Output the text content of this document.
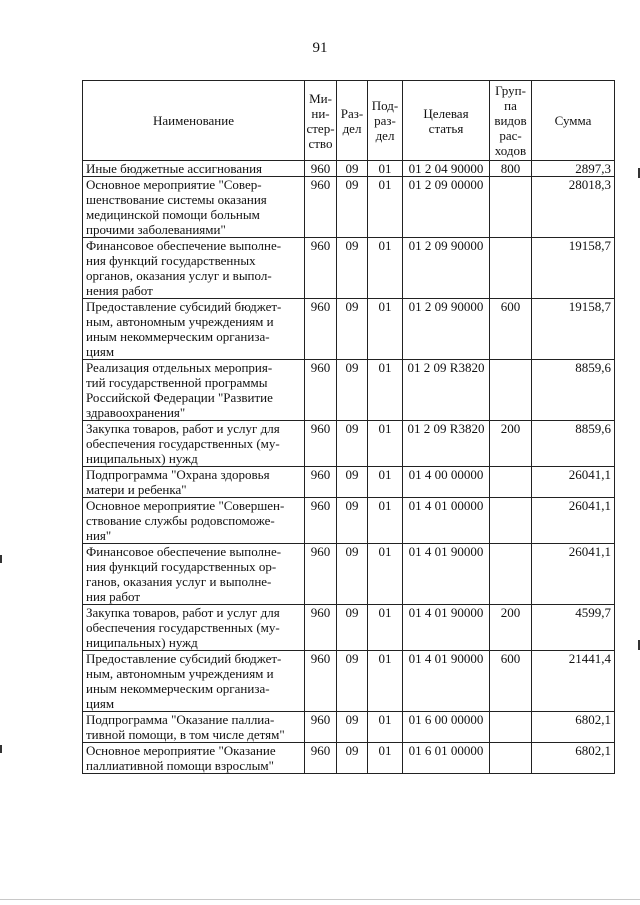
91
Наименование	Ми-
ни-
стер-
ство	Раз-
дел	Под-
раз-
дел	Целевая
статья	Груп-
па
видов
рас-
ходов	Сумма
Иные бюджетные ассигнования	960	09	01	01 2 04 90000	800	2897,3
Основное мероприятие "Совер-
шенствование системы оказания
медицинской помощи больным
прочими заболеваниями"	960	09	01	01 2 09 00000		28018,3
Финансовое обеспечение выполне-
ния функций государственных
органов, оказания услуг и выпол-
нения работ	960	09	01	01 2 09 90000		19158,7
Предоставление субсидий бюджет-
ным, автономным учреждениям и
иным некоммерческим организа-
циям	960	09	01	01 2 09 90000	600	19158,7
Реализация отдельных мероприя-
тий государственной программы
Российской Федерации "Развитие
здравоохранения"	960	09	01	01 2 09 R3820		8859,6
Закупка товаров, работ и услуг для
обеспечения государственных (му-
ниципальных) нужд	960	09	01	01 2 09 R3820	200	8859,6
Подпрограмма "Охрана здоровья
матери и ребенка"	960	09	01	01 4 00 00000		26041,1
Основное мероприятие "Совершен-
ствование службы родовспоможе-
ния"	960	09	01	01 4 01 00000		26041,1
Финансовое обеспечение выполне-
ния функций государственных ор-
ганов, оказания услуг и выполне-
ния работ	960	09	01	01 4 01 90000		26041,1
Закупка товаров, работ и услуг для
обеспечения государственных (му-
ниципальных) нужд	960	09	01	01 4 01 90000	200	4599,7
Предоставление субсидий бюджет-
ным, автономным учреждениям и
иным некоммерческим организа-
циям	960	09	01	01 4 01 90000	600	21441,4
Подпрограмма "Оказание паллиа-
тивной помощи, в том числе детям"	960	09	01	01 6 00 00000		6802,1
Основное мероприятие "Оказание
паллиативной помощи взрослым"	960	09	01	01 6 01 00000		6802,1
